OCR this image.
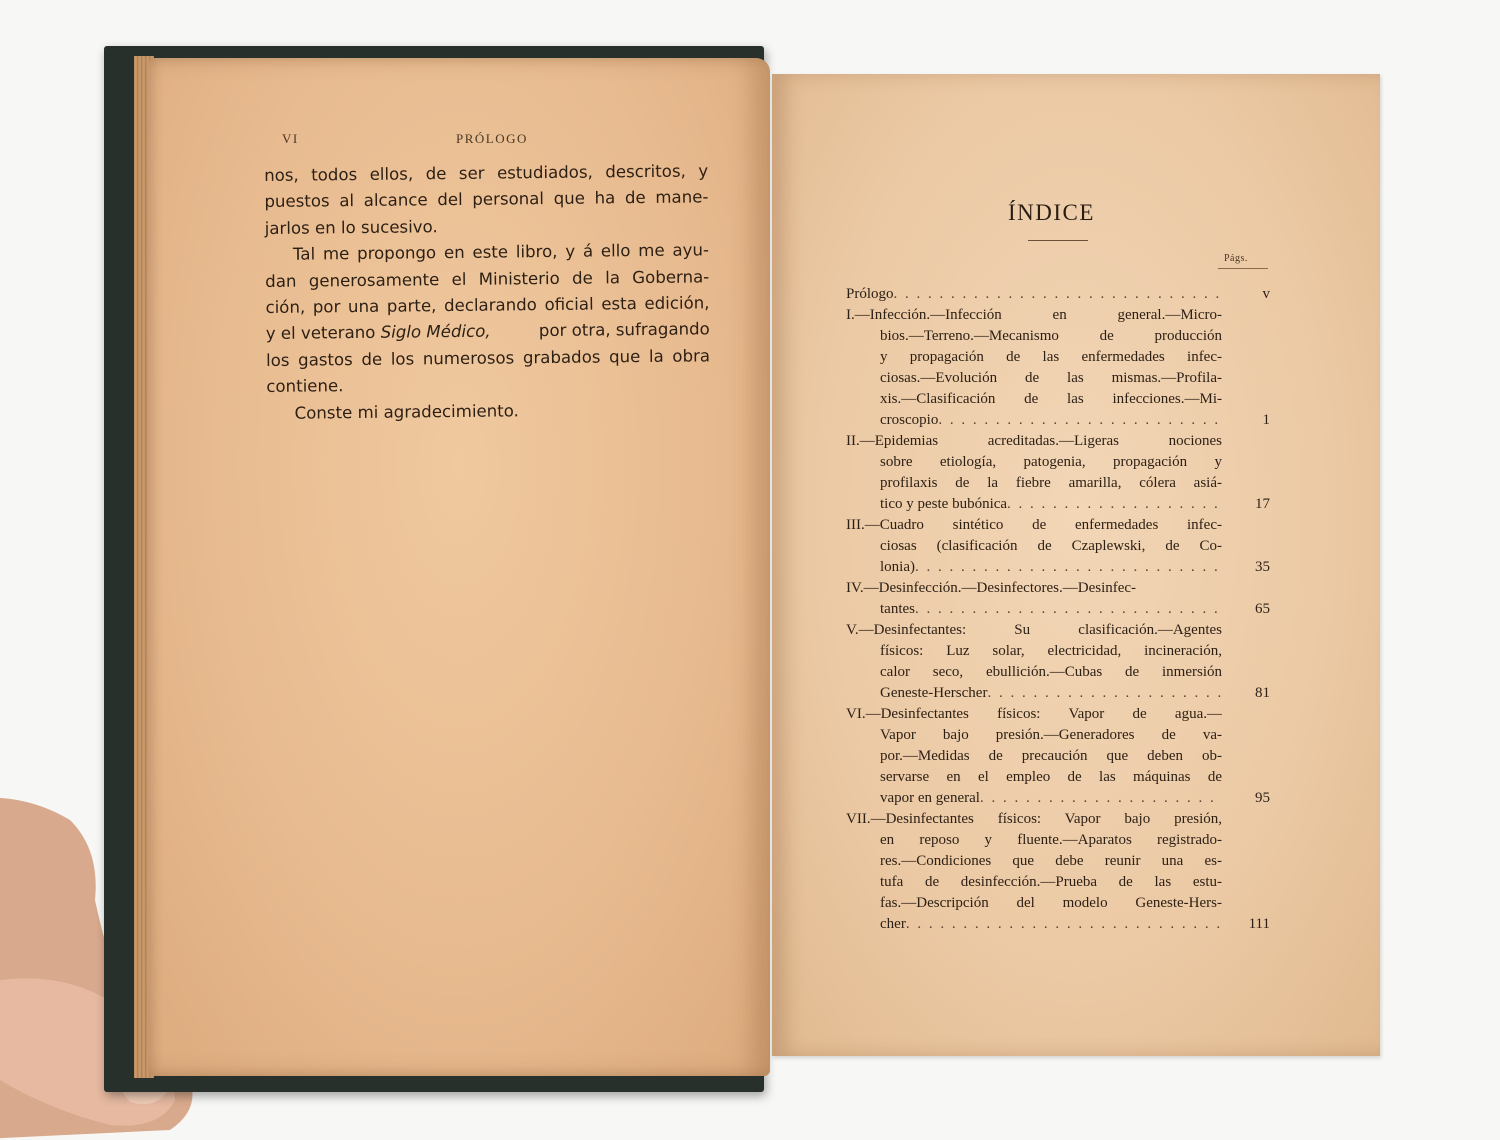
VI	PRÓLOGO
nos, todos ellos, de ser estudiados, descritos, y
puestos al alcance del personal que ha de mane-
jarlos en lo sucesivo.
Tal me propongo en este libro, y á ello me ayu-
dan generosamente el Ministerio de la Goberna-
ción, por una parte, declarando oficial esta edición,
y el veterano Siglo Médico,	por otra, sufragando
los gastos de los numerosos grabados que la obra
contiene.
Conste mi agradecimiento.
ÍNDICE
Págs.
Prólogo . . .	v
I.—Infección.—Infección en general.—Micro-
bios.—Terreno.—Mecanismo de producción
y propagación de las enfermedades infec-
ciosas.—Evolución de las mismas.—Profila-
xis.—Clasificación de las infecciones.—Mi-
croscopio . . .	1
II.—Epidemias acreditadas.—Ligeras nociones
sobre etiología, patogenia, propagación y
profilaxis de la fiebre amarilla, cólera asiá-
tico y peste bubónica . . .	17
III.—Cuadro sintético de enfermedades infec-
ciosas (clasificación de Czaplewski, de Co-
lonia) . . .	35
IV.—Desinfección.—Desinfectores.—Desinfec-
tantes . . .	65
V.—Desinfectantes: Su clasificación.—Agentes
físicos: Luz solar, electricidad, incineración,
calor seco, ebullición.—Cubas de inmersión
Geneste-Herscher . . .	81
VI.—Desinfectantes físicos: Vapor de agua.—
Vapor bajo presión.—Generadores de va-
por.—Medidas de precaución que deben ob-
servarse en el empleo de las máquinas de
vapor en general . . .	95
VII.—Desinfectantes físicos: Vapor bajo presión,
en reposo y fluente.—Aparatos registrado-
res.—Condiciones que debe reunir una es-
tufa de desinfección.—Prueba de las estu-
fas.—Descripción del modelo Geneste-Hers-
cher . . .	111
